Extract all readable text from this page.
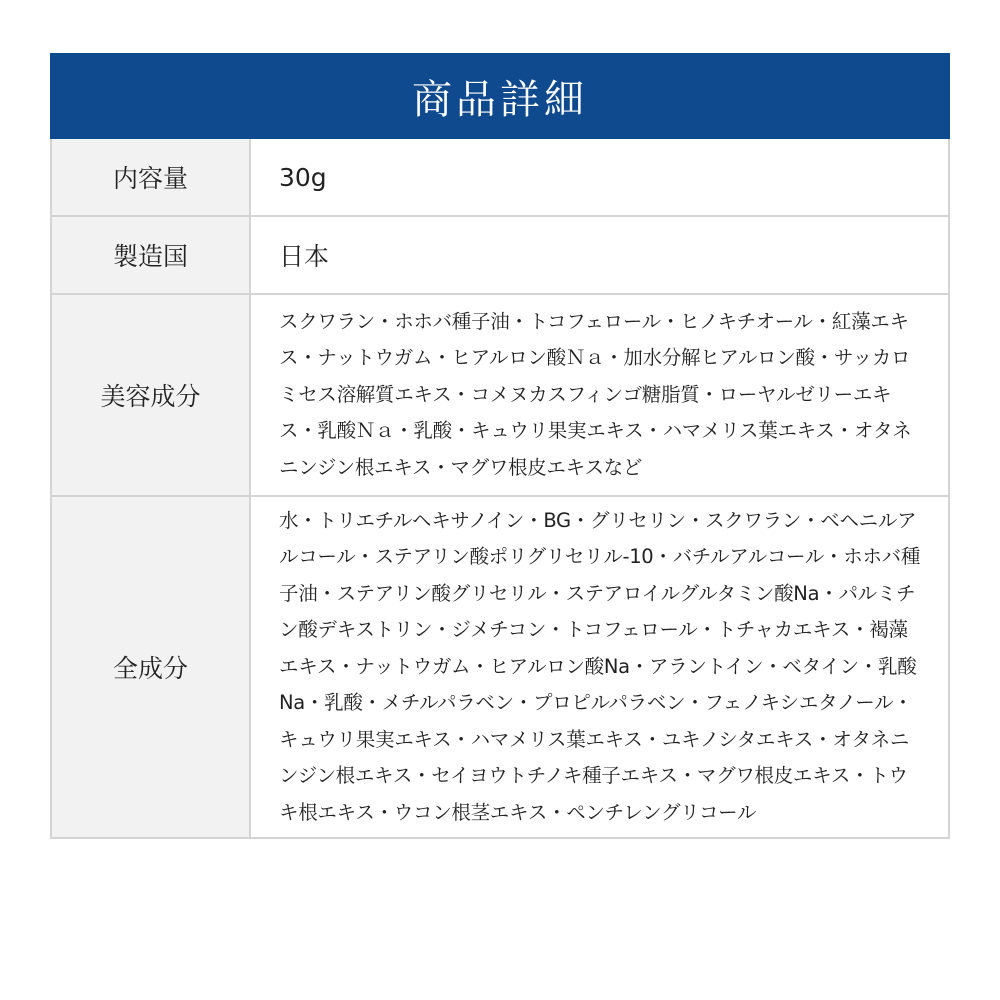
商品詳細
内容量	30g
製造国	日本
美容成分
スクワラン・ホホバ種子油・トコフェロール・ヒノキチオール・紅藻エキス・ナットウガム・ヒアルロン酸Ｎａ・加水分解ヒアルロン酸・サッカロミセス溶解質エキス・コメヌカスフィンゴ糖脂質・ローヤルゼリーエキス・乳酸Ｎａ・乳酸・キュウリ果実エキス・ハマメリス葉エキス・オタネニンジン根エキス・マグワ根皮エキスなど
全成分
水・トリエチルヘキサノイン・BG・グリセリン・スクワラン・ベヘニルアルコール・ステアリン酸ポリグリセリル-10・バチルアルコール・ホホバ種子油・ステアリン酸グリセリル・ステアロイルグルタミン酸Na・パルミチン酸デキストリン・ジメチコン・トコフェロール・トチャカエキス・褐藻エキス・ナットウガム・ヒアルロン酸Na・アラントイン・ベタイン・乳酸Na・乳酸・メチルパラベン・プロピルパラベン・フェノキシエタノール・キュウリ果実エキス・ハマメリス葉エキス・ユキノシタエキス・オタネニンジン根エキス・セイヨウトチノキ種子エキス・マグワ根皮エキス・トウキ根エキス・ウコン根茎エキス・ペンチレングリコール
